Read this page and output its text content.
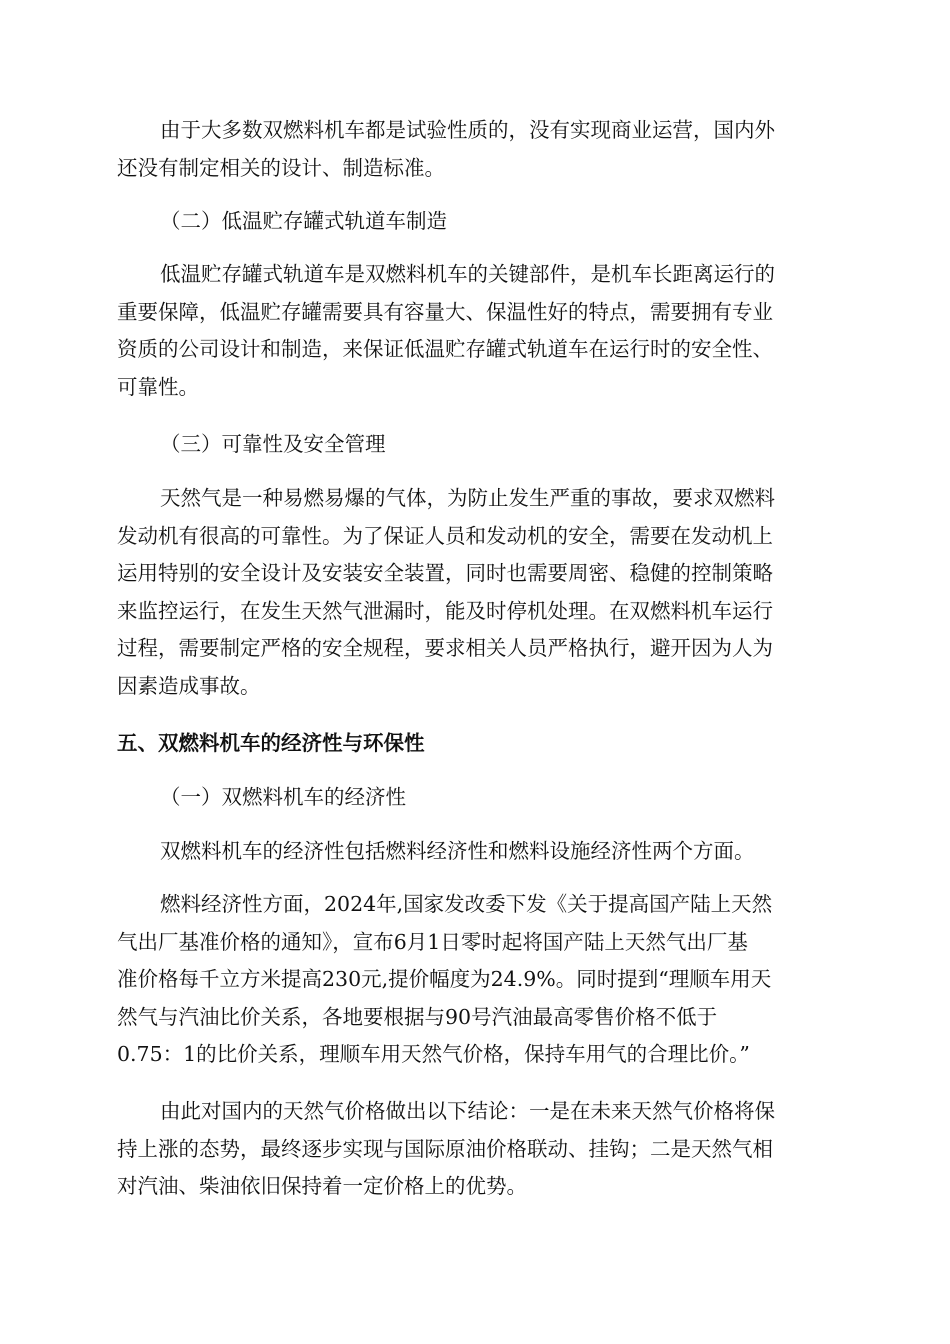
由于大多数双燃料机车都是试验性质的，没有实现商业运营，国内外
还没有制定相关的设计、制造标准。
（二）低温贮存罐式轨道车制造
低温贮存罐式轨道车是双燃料机车的关键部件，是机车长距离运行的
重要保障，低温贮存罐需要具有容量大、保温性好的特点，需要拥有专业
资质的公司设计和制造，来保证低温贮存罐式轨道车在运行时的安全性、
可靠性。
（三）可靠性及安全管理
天然气是一种易燃易爆的气体，为防止发生严重的事故，要求双燃料
发动机有很高的可靠性。为了保证人员和发动机的安全，需要在发动机上
运用特别的安全设计及安装安全装置，同时也需要周密、稳健的控制策略
来监控运行，在发生天然气泄漏时，能及时停机处理。在双燃料机车运行
过程，需要制定严格的安全规程，要求相关人员严格执行，避开因为人为
因素造成事故。
五、双燃料机车的经济性与环保性
（一）双燃料机车的经济性
双燃料机车的经济性包括燃料经济性和燃料设施经济性两个方面。
燃料经济性方面，2024年,国家发改委下发《关于提高国产陆上天然
气出厂基准价格的通知》，宣布6月1日零时起将国产陆上天然气出厂基
准价格每千立方米提高230元,提价幅度为24.9%。同时提到“理顺车用天
然气与汽油比价关系，各地要根据与90号汽油最高零售价格不低于
0.75：1的比价关系，理顺车用天然气价格，保持车用气的合理比价。”
由此对国内的天然气价格做出以下结论：一是在未来天然气价格将保
持上涨的态势，最终逐步实现与国际原油价格联动、挂钩；二是天然气相
对汽油、柴油依旧保持着一定价格上的优势。
